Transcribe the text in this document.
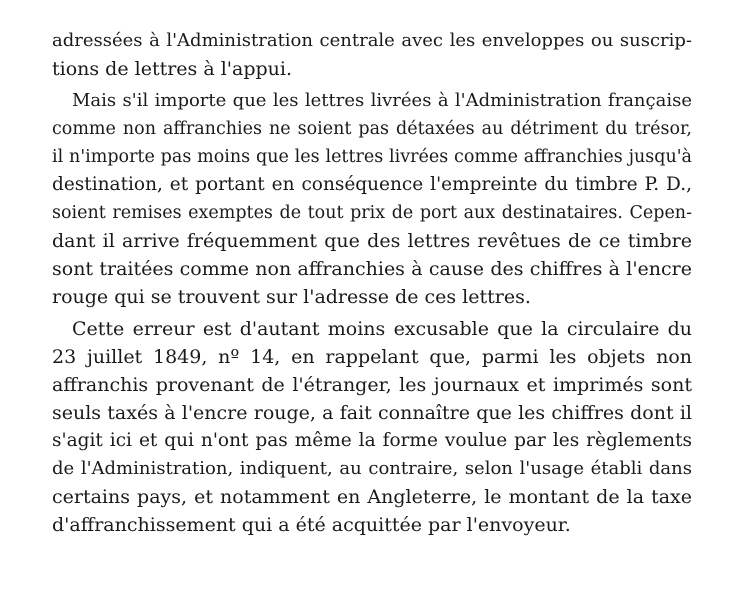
adressées à l'Administration centrale avec les enveloppes ou suscrip-
tions de lettres à l'appui.
Mais s'il importe que les lettres livrées à l'Administration française
comme non affranchies ne soient pas détaxées au détriment du trésor,
il n'importe pas moins que les lettres livrées comme affranchies jusqu'à
destination, et portant en conséquence l'empreinte du timbre P. D.,
soient remises exemptes de tout prix de port aux destinataires. Cepen-
dant il arrive fréquemment que des lettres revêtues de ce timbre
sont traitées comme non affranchies à cause des chiffres à l'encre
rouge qui se trouvent sur l'adresse de ces lettres.
Cette erreur est d'autant moins excusable que la circulaire du
23 juillet 1849, nº 14, en rappelant que, parmi les objets non
affranchis provenant de l'étranger, les journaux et imprimés sont
seuls taxés à l'encre rouge, a fait connaître que les chiffres dont il
s'agit ici et qui n'ont pas même la forme voulue par les règlements
de l'Administration, indiquent, au contraire, selon l'usage établi dans
certains pays, et notamment en Angleterre, le montant de la taxe
d'affranchissement qui a été acquittée par l'envoyeur.
